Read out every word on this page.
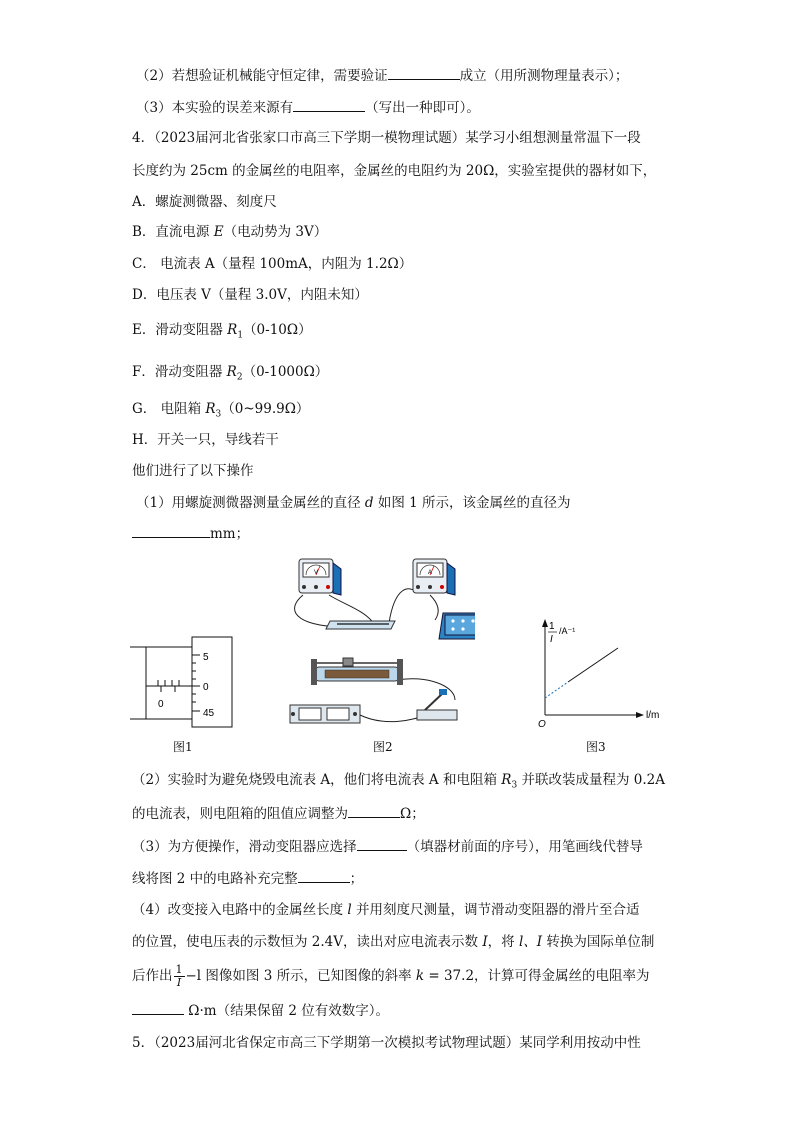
（2）若想验证机械能守恒定律，需要验证	成立（用所测物理量表示）；
（3）本实验的误差来源有	（写出一种即可）。
4．（2023届河北省张家口市高三下学期一模物理试题）某学习小组想测量常温下一段
长度约为 25cm 的金属丝的电阻率，金属丝的电阻约为 20Ω，实验室提供的器材如下，
A．螺旋测微器、刻度尺
B．直流电源 E（电动势为 3V）
C． 电流表 A（量程 100mA，内阻为 1.2Ω）
D．电压表 V（量程 3.0V，内阻未知）
E．滑动变阻器 $R_1(0-10\Omega)$
F．滑动变阻器 $R_2(0-1000\Omega)$
G． 电阻箱 $R_3(0\sim 99.9\Omega)$
H．开关一只，导线若干
他们进行了以下操作
（1）用螺旋测微器测量金属丝的直径 d 如图 1 所示，该金属丝的直径为
mm；
5
0
45
0
图1
V	A
图2
1
I
/A⁻¹
l/m
O
图3
（2）实验时为避免烧毁电流表 A，他们将电流表 A 和电阻箱 $R_3$ 并联改装成量程为 0.2A
的电流表，则电阻箱的阻值应调整为	Ω；
（3）为方便操作，滑动变阻器应选择	（填器材前面的序号），用笔画线代替导
线将图 2 中的电路补充完整	；
（4）改变接入电路中的金属丝长度 l 并用刻度尺测量，调节滑动变阻器的滑片至合适
的位置，使电压表的示数恒为 2.4V，读出对应电流表示数 I，将 l、I 转换为国际单位制
后作出 $\frac{1}{I} -l$ 图像如图 3 所示，已知图像的斜率 k = 37.2，计算可得金属丝的电阻率为
Ω·m（结果保留 2 位有效数字）。
5．（2023届河北省保定市高三下学期第一次模拟考试物理试题）某同学利用按动中性
